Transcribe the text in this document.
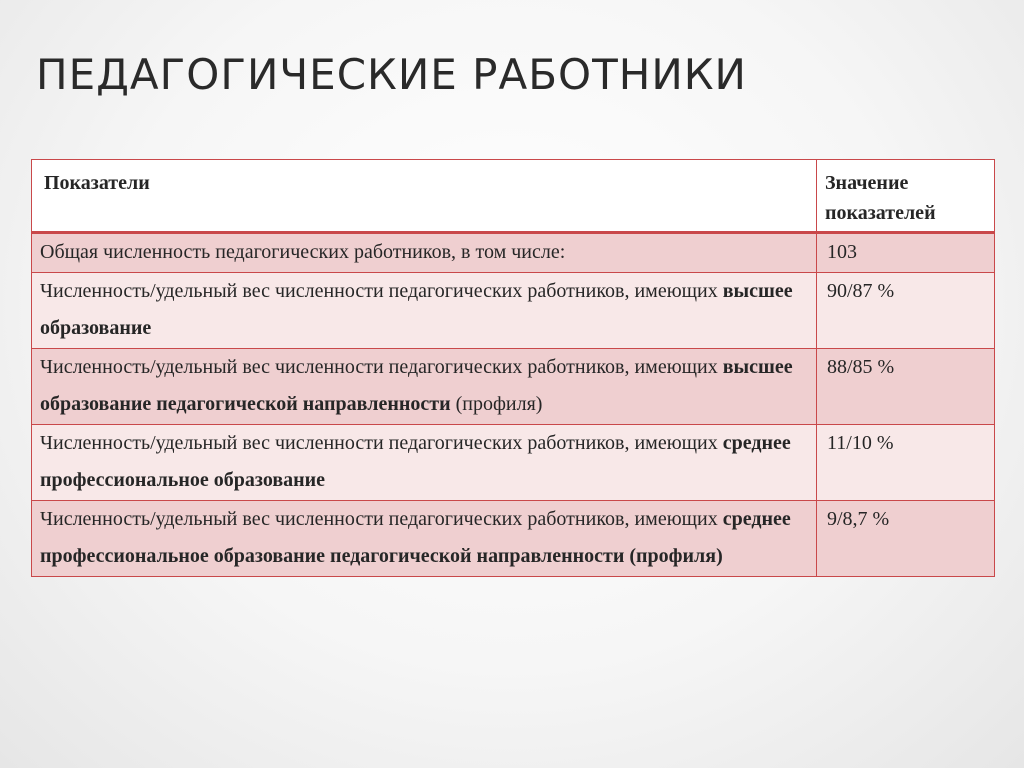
ПЕДАГОГИЧЕСКИЕ РАБОТНИКИ
Показатели	Значение показателей
Общая численность педагогических работников, в том числе:	103
Численность/удельный вес численности педагогических работников, имеющих высшее образование	90/87 %
Численность/удельный вес численности педагогических работников, имеющих высшее образование педагогической направленности (профиля)	88/85 %
Численность/удельный вес численности педагогических работников, имеющих среднее профессиональное образование	11/10 %
Численность/удельный вес численности педагогических работников, имеющих среднее профессиональное образование педагогической направленности (профиля)	9/8,7 %
